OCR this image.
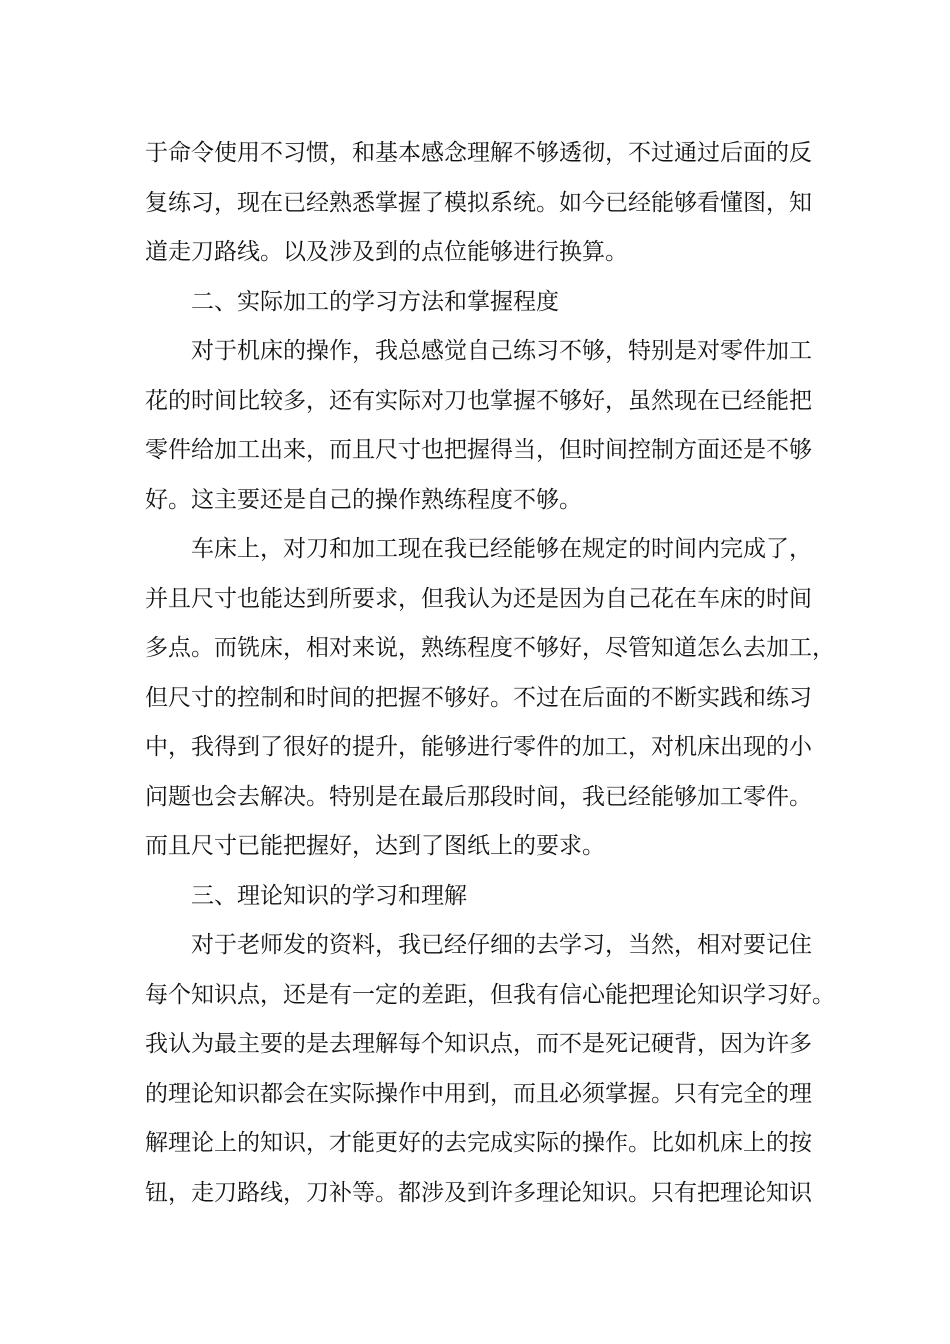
于命令使用不习惯，和基本感念理解不够透彻，不过通过后面的反
复练习，现在已经熟悉掌握了模拟系统。如今已经能够看懂图，知
道走刀路线。以及涉及到的点位能够进行换算。

二、实际加工的学习方法和掌握程度

对于机床的操作，我总感觉自己练习不够，特别是对零件加工
花的时间比较多，还有实际对刀也掌握不够好，虽然现在已经能把
零件给加工出来，而且尺寸也把握得当，但时间控制方面还是不够
好。这主要还是自己的操作熟练程度不够。

车床上，对刀和加工现在我已经能够在规定的时间内完成了，
并且尺寸也能达到所要求，但我认为还是因为自己花在车床的时间
多点。而铣床，相对来说，熟练程度不够好，尽管知道怎么去加工，
但尺寸的控制和时间的把握不够好。不过在后面的不断实践和练习
中，我得到了很好的提升，能够进行零件的加工，对机床出现的小
问题也会去解决。特别是在最后那段时间，我已经能够加工零件。
而且尺寸已能把握好，达到了图纸上的要求。

三、理论知识的学习和理解

对于老师发的资料，我已经仔细的去学习，当然，相对要记住
每个知识点，还是有一定的差距，但我有信心能把理论知识学习好。
我认为最主要的是去理解每个知识点，而不是死记硬背，因为许多
的理论知识都会在实际操作中用到，而且必须掌握。只有完全的理
解理论上的知识，才能更好的去完成实际的操作。比如机床上的按
钮，走刀路线，刀补等。都涉及到许多理论知识。只有把理论知识
